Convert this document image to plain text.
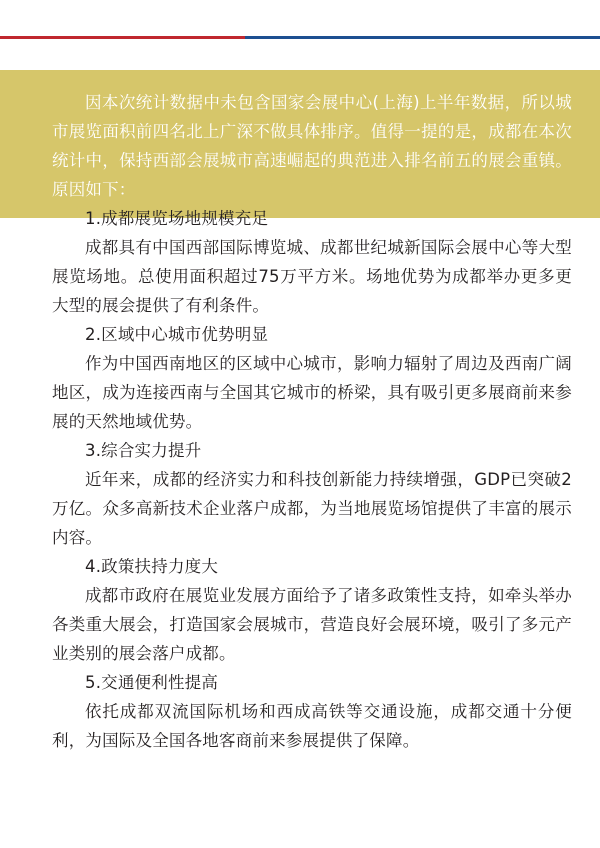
因本次统计数据中未包含国家会展中心(上海)上半年数据，所以城市展览面积前四名北上广深不做具体排序。值得一提的是，成都在本次统计中，保持西部会展城市高速崛起的典范进入排名前五的展会重镇。原因如下：

1.成都展览场地规模充足

成都具有中国西部国际博览城、成都世纪城新国际会展中心等大型展览场地。总使用面积超过75万平方米。场地优势为成都举办更多更大型的展会提供了有利条件。

2.区域中心城市优势明显

作为中国西南地区的区域中心城市，影响力辐射了周边及西南广阔地区，成为连接西南与全国其它城市的桥梁，具有吸引更多展商前来参展的天然地域优势。

3.综合实力提升

近年来，成都的经济实力和科技创新能力持续增强，GDP已突破2万亿。众多高新技术企业落户成都，为当地展览场馆提供了丰富的展示内容。

4.政策扶持力度大

成都市政府在展览业发展方面给予了诸多政策性支持，如牵头举办各类重大展会，打造国家会展城市，营造良好会展环境，吸引了多元产业类别的展会落户成都。

5.交通便利性提高

依托成都双流国际机场和西成高铁等交通设施，成都交通十分便利，为国际及全国各地客商前来参展提供了保障。
